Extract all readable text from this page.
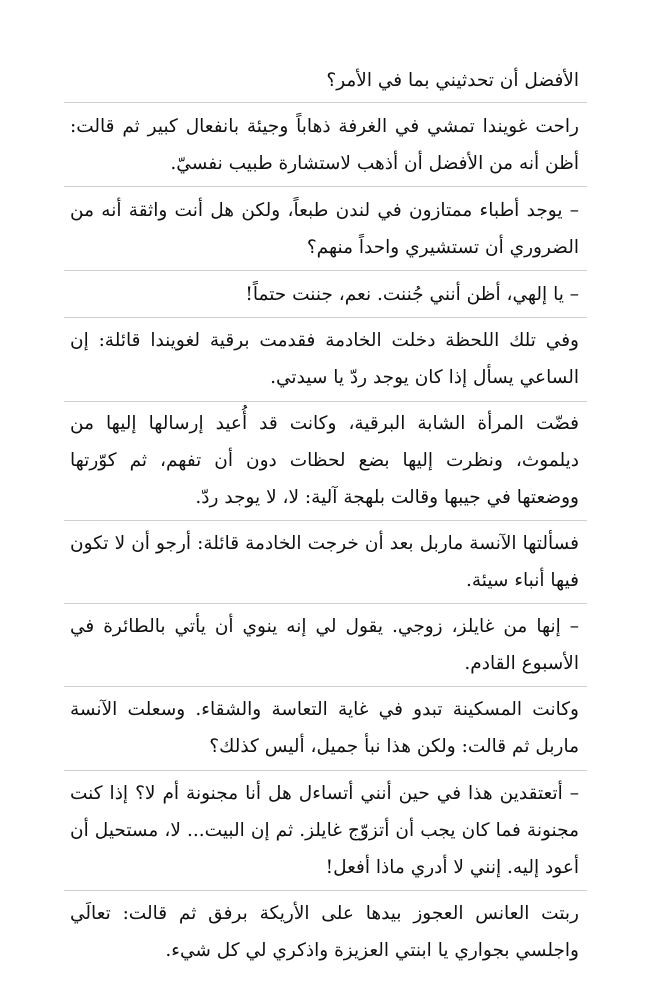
الأفضل أن تحدثيني بما في الأمر؟

راحت غويندا تمشي في الغرفة ذهاباً وجيئة بانفعال كبير ثم قالت: أظن أنه من الأفضل أن أذهب لاستشارة طبيب نفسيّ.

– يوجد أطباء ممتازون في لندن طبعاً، ولكن هل أنت واثقة أنه من الضروري أن تستشيري واحداً منهم؟

– يا إلهي، أظن أنني جُننت. نعم، جننت حتماً!

وفي تلك اللحظة دخلت الخادمة فقدمت برقية لغويندا قائلة: إن الساعي يسأل إذا كان يوجد ردّ يا سيدتي.

فضّت المرأة الشابة البرقية، وكانت قد أُعيد إرسالها إليها من ديلموث، ونظرت إليها بضع لحظات دون أن تفهم، ثم كوّرتها ووضعتها في جيبها وقالت بلهجة آلية: لا، لا يوجد ردّ.

فسألتها الآنسة ماربل بعد أن خرجت الخادمة قائلة: أرجو أن لا تكون فيها أنباء سيئة.

– إنها من غايلز، زوجي. يقول لي إنه ينوي أن يأتي بالطائرة في الأسبوع القادم.

وكانت المسكينة تبدو في غاية التعاسة والشقاء. وسعلت الآنسة ماربل ثم قالت: ولكن هذا نبأ جميل، أليس كذلك؟

– أتعتقدين هذا في حين أنني أتساءل هل أنا مجنونة أم لا؟ إذا كنت مجنونة فما كان يجب أن أتزوّج غايلز. ثم إن البيت... لا، مستحيل أن أعود إليه. إنني لا أدري ماذا أفعل!

ربتت العانس العجوز بيدها على الأريكة برفق ثم قالت: تعالَي واجلسي بجواري يا ابنتي العزيزة واذكري لي كل شيء.
